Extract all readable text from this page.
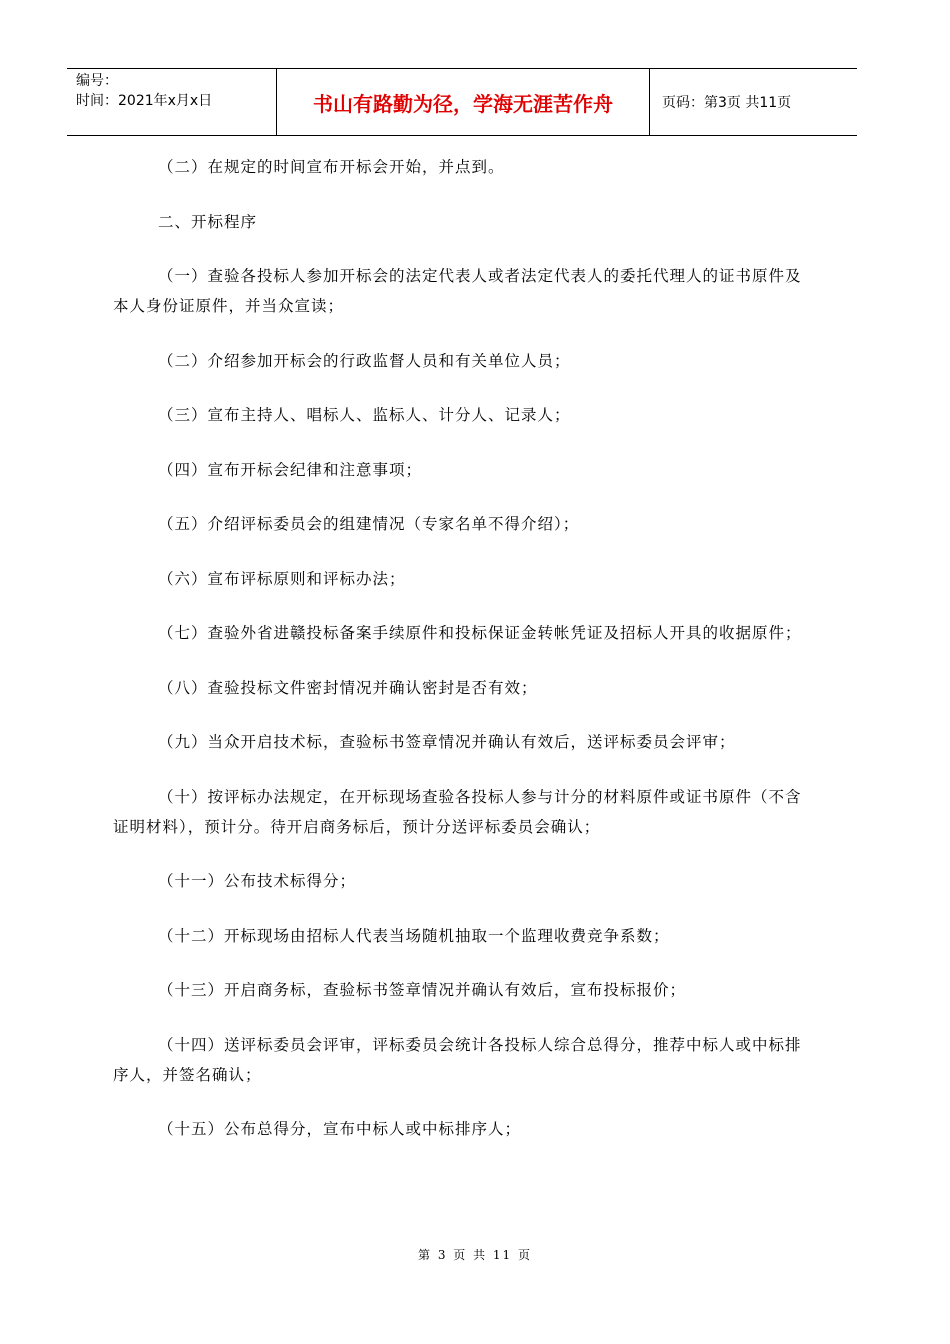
编号：
时间：2021年x月x日	书山有路勤为径，学海无涯苦作舟	页码：第3页 共11页

（二）在规定的时间宣布开标会开始，并点到。

二、开标程序

（一）查验各投标人参加开标会的法定代表人或者法定代表人的委托代理人的证书原件及本人身份证原件，并当众宣读；

（二）介绍参加开标会的行政监督人员和有关单位人员；

（三）宣布主持人、唱标人、监标人、计分人、记录人；

（四）宣布开标会纪律和注意事项；

（五）介绍评标委员会的组建情况（专家名单不得介绍）；

（六）宣布评标原则和评标办法；

（七）查验外省进赣投标备案手续原件和投标保证金转帐凭证及招标人开具的收据原件；

（八）查验投标文件密封情况并确认密封是否有效；

（九）当众开启技术标，查验标书签章情况并确认有效后，送评标委员会评审；

（十）按评标办法规定，在开标现场查验各投标人参与计分的材料原件或证书原件（不含证明材料），预计分。待开启商务标后，预计分送评标委员会确认；

（十一）公布技术标得分；

（十二）开标现场由招标人代表当场随机抽取一个监理收费竞争系数；

（十三）开启商务标，查验标书签章情况并确认有效后，宣布投标报价；

（十四）送评标委员会评审，评标委员会统计各投标人综合总得分，推荐中标人或中标排序人，并签名确认；

（十五）公布总得分，宣布中标人或中标排序人；

第 3 页 共 11 页
